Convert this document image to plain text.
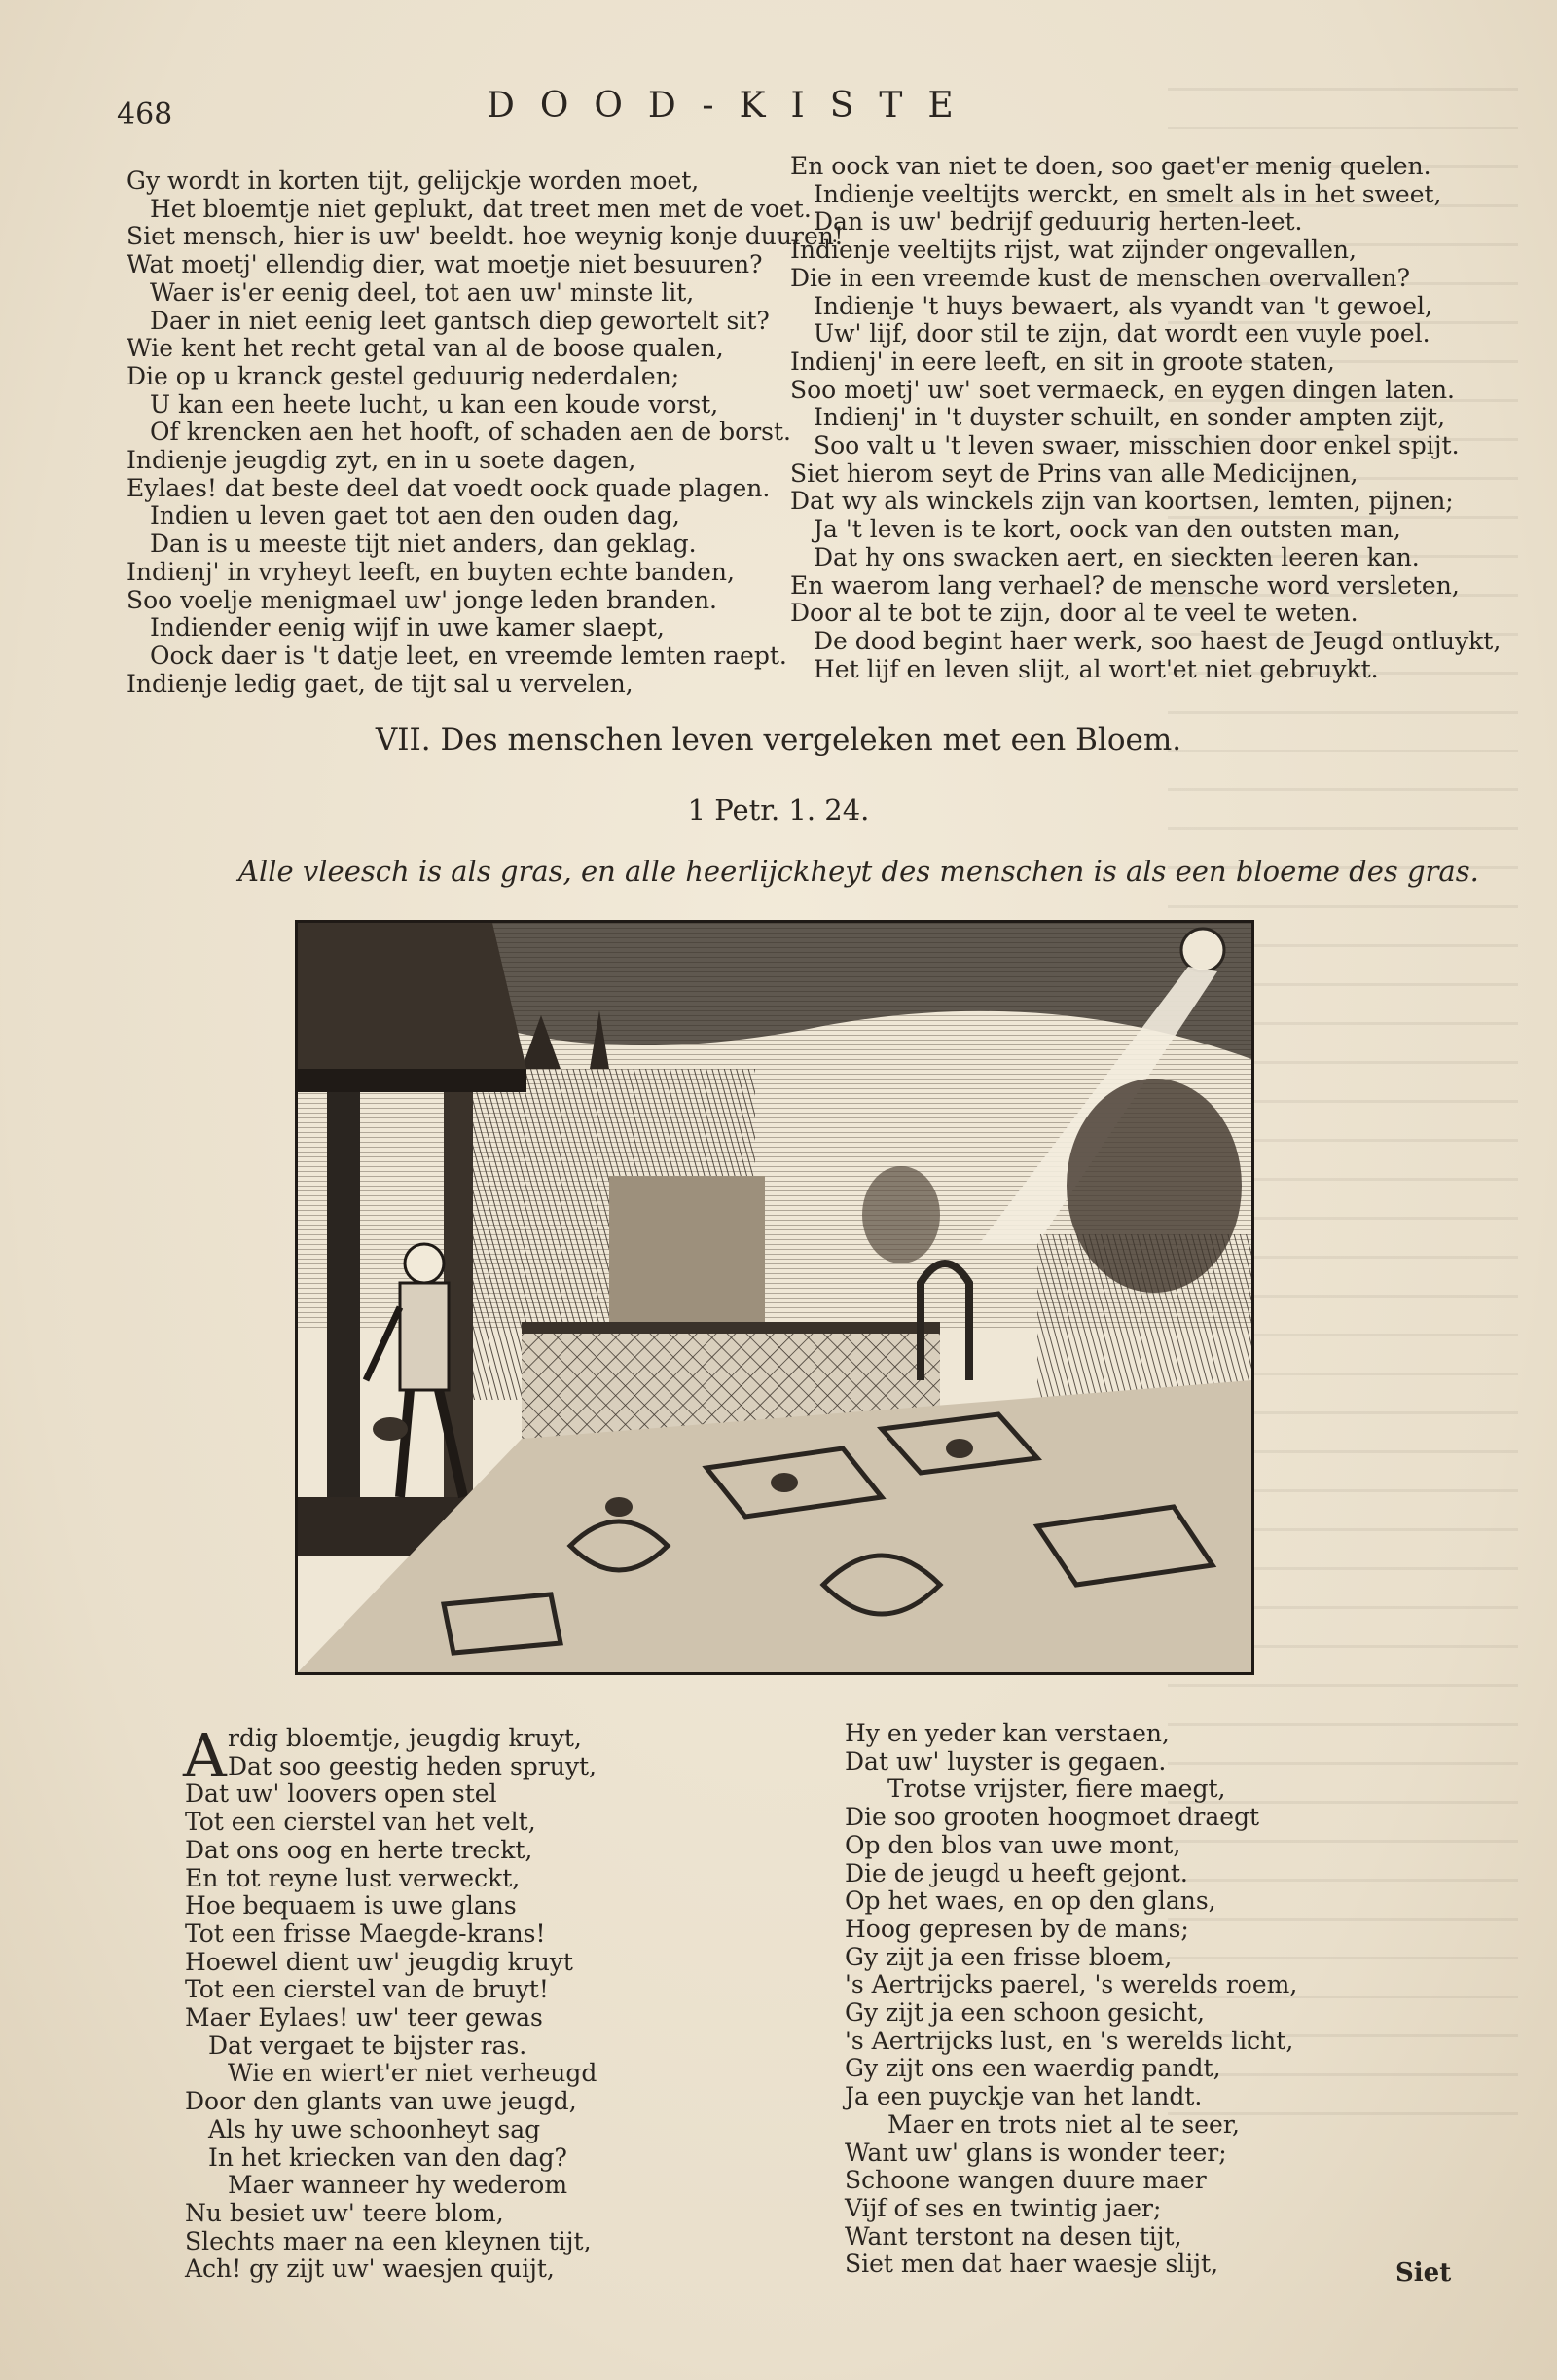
468	DOOD-KISTE
Gy wordt in korten tijt, gelijckje worden moet,
Het bloemtje niet geplukt, dat treet men met de voet.
Siet mensch, hier is uw' beeldt. hoe weynig konje duuren!
Wat moetj' ellendig dier, wat moetje niet besuuren?
Waer is'er eenig deel, tot aen uw' minste lit,
Daer in niet eenig leet gantsch diep gewortelt sit?
Wie kent het recht getal van al de boose qualen,
Die op u kranck gestel geduurig nederdalen;
U kan een heete lucht, u kan een koude vorst,
Of krencken aen het hooft, of schaden aen de borst.
Indienje jeugdig zyt, en in u soete dagen,
Eylaes! dat beste deel dat voedt oock quade plagen.
Indien u leven gaet tot aen den ouden dag,
Dan is u meeste tijt niet anders, dan geklag.
Indienj' in vryheyt leeft, en buyten echte banden,
Soo voelje menigmael uw' jonge leden branden.
Indiender eenig wijf in uwe kamer slaept,
Oock daer is 't datje leet, en vreemde lemten raept.
Indienje ledig gaet, de tijt sal u vervelen,
En oock van niet te doen, soo gaet'er menig quelen.
Indienje veeltijts werckt, en smelt als in het sweet,
Dan is uw' bedrijf geduurig herten-leet.
Indienje veeltijts rijst, wat zijnder ongevallen,
Die in een vreemde kust de menschen overvallen?
Indienje 't huys bewaert, als vyandt van 't gewoel,
Uw' lijf, door stil te zijn, dat wordt een vuyle poel.
Indienj' in eere leeft, en sit in groote staten,
Soo moetj' uw' soet vermaeck, en eygen dingen laten.
Indienj' in 't duyster schuilt, en sonder ampten zijt,
Soo valt u 't leven swaer, misschien door enkel spijt.
Siet hierom seyt de Prins van alle Medicijnen,
Dat wy als winckels zijn van koortsen, lemten, pijnen;
Ja 't leven is te kort, oock van den outsten man,
Dat hy ons swacken aert, en sieckten leeren kan.
En waerom lang verhael? de mensche word versleten,
Door al te bot te zijn, door al te veel te weten.
De dood begint haer werk, soo haest de Jeugd ontluykt,
Het lijf en leven slijt, al wort'et niet gebruykt.
VII. Des menschen leven vergeleken met een Bloem.
1 Petr. 1. 24.
Alle vleesch is als gras, en alle heerlijckheyt des menschen is als een bloeme des gras.
A rdig bloemtje, jeugdig kruyt,
Dat soo geestig heden spruyt,
Dat uw' loovers open stel
Tot een cierstel van het velt,
Dat ons oog en herte treckt,
En tot reyne lust verweckt,
Hoe bequaem is uwe glans
Tot een frisse Maegde-krans!
Hoewel dient uw' jeugdig kruyt
Tot een cierstel van de bruyt!
Maer Eylaes! uw' teer gewas
Dat vergaet te bijster ras.
Wie en wiert'er niet verheugd
Door den glants van uwe jeugd,
Als hy uwe schoonheyt sag
In het kriecken van den dag?
Maer wanneer hy wederom
Nu besiet uw' teere blom,
Slechts maer na een kleynen tijt,
Ach! gy zijt uw' waesjen quijt,
Hy en yeder kan verstaen,
Dat uw' luyster is gegaen.
Trotse vrijster, fiere maegt,
Die soo grooten hoogmoet draegt
Op den blos van uwe mont,
Die de jeugd u heeft gejont.
Op het waes, en op den glans,
Hoog gepresen by de mans;
Gy zijt ja een frisse bloem,
's Aertrijcks paerel, 's werelds roem,
Gy zijt ja een schoon gesicht,
's Aertrijcks lust, en 's werelds licht,
Gy zijt ons een waerdig pandt,
Ja een puyckje van het landt.
Maer en trots niet al te seer,
Want uw' glans is wonder teer;
Schoone wangen duure maer
Vijf of ses en twintig jaer;
Want terstont na desen tijt,
Siet men dat haer waesje slijt,	Siet
